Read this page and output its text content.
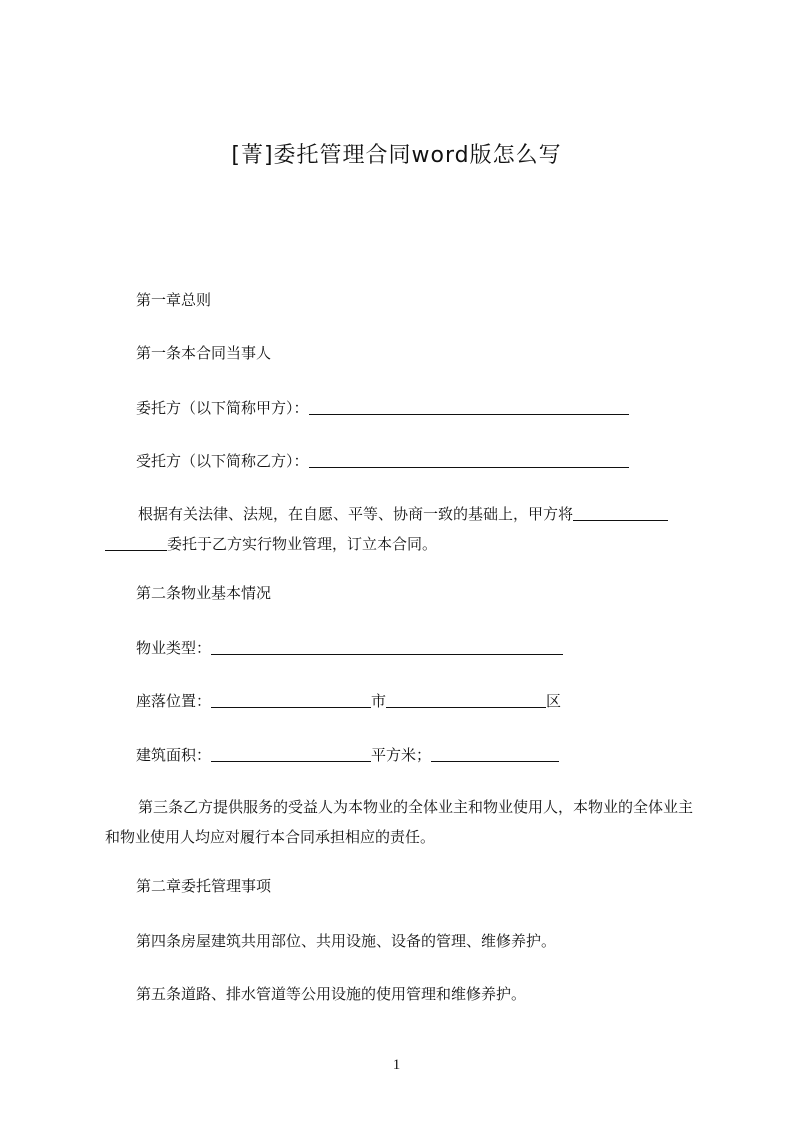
[菁]委托管理合同word版怎么写
第一章总则
第一条本合同当事人
委托方（以下简称甲方）：
受托方（以下简称乙方）：
根据有关法律、法规，在自愿、平等、协商一致的基础上，甲方将委托于乙方实行物业管理，订立本合同。
第二条物业基本情况
物业类型：
座落位置：	市	区
建筑面积：	平方米；
第三条乙方提供服务的受益人为本物业的全体业主和物业使用人，本物业的全体业主和物业使用人均应对履行本合同承担相应的责任。
第二章委托管理事项
第四条房屋建筑共用部位、共用设施、设备的管理、维修养护。
第五条道路、排水管道等公用设施的使用管理和维修养护。
1
